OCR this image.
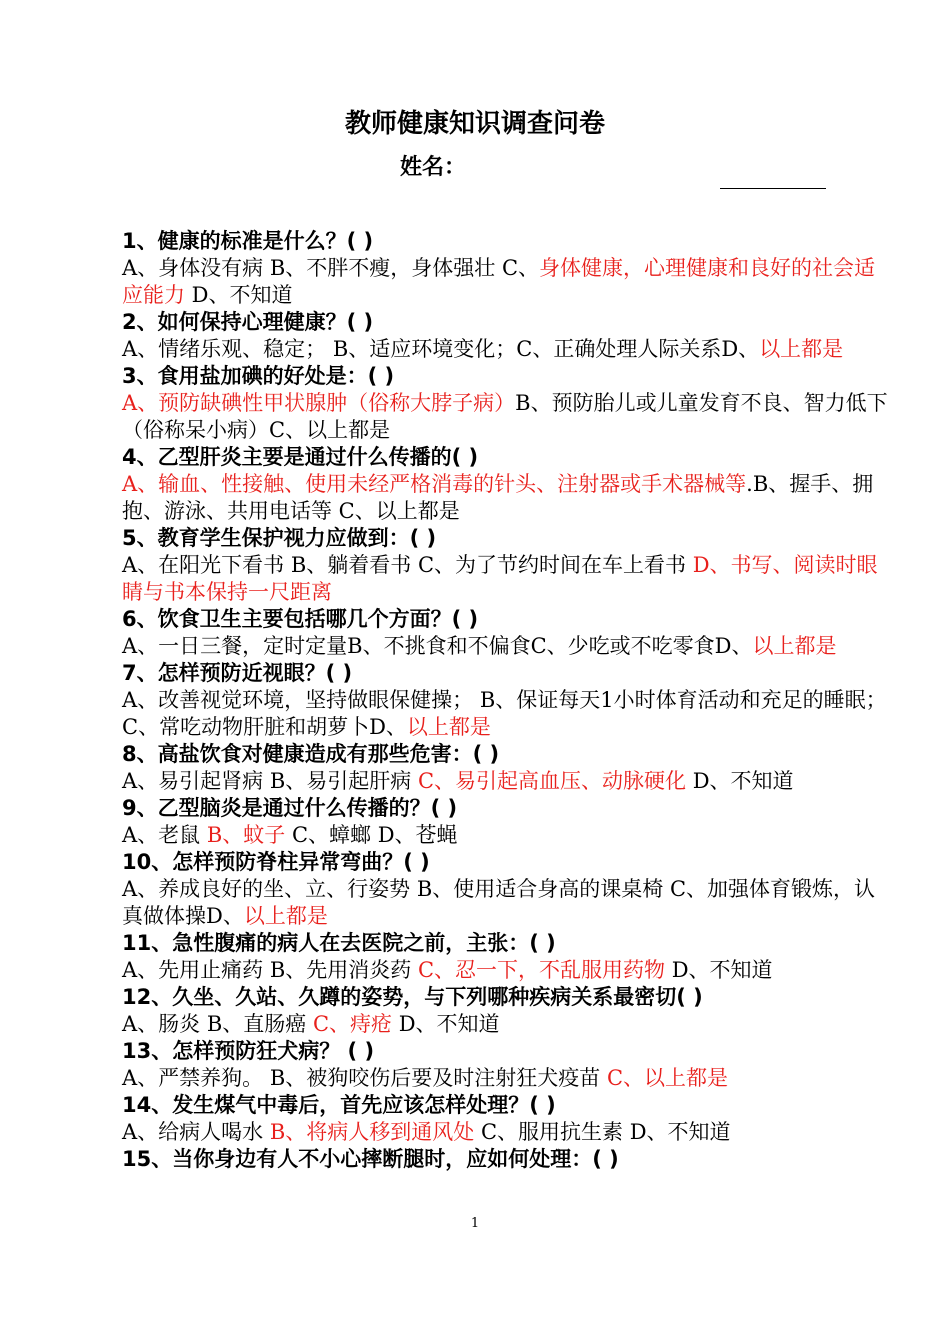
教师健康知识调查问卷
姓名：
1、健康的标准是什么？( )
A、身体没有病 B、不胖不瘦，身体强壮 C、身体健康，心理健康和良好的社会适应能力 D、不知道
2、如何保持心理健康？( )
A、情绪乐观、稳定； B、适应环境变化；C、正确处理人际关系D、以上都是
3、食用盐加碘的好处是：( )
A、预防缺碘性甲状腺肿（俗称大脖子病）B、预防胎儿或儿童发育不良、智力低下（俗称呆小病）C、以上都是
4、乙型肝炎主要是通过什么传播的( )
A、输血、性接触、使用未经严格消毒的针头、注射器或手术器械等.B、握手、拥抱、游泳、共用电话等 C、以上都是
5、教育学生保护视力应做到：( )
A、在阳光下看书 B、躺着看书 C、为了节约时间在车上看书 D、书写、阅读时眼睛与书本保持一尺距离
6、饮食卫生主要包括哪几个方面？( )
A、一日三餐，定时定量B、不挑食和不偏食C、少吃或不吃零食D、以上都是
7、怎样预防近视眼？( )
A、改善视觉环境，坚持做眼保健操； B、保证每天1小时体育活动和充足的睡眠； C、常吃动物肝脏和胡萝卜D、以上都是
8、高盐饮食对健康造成有那些危害：( )
A、易引起肾病 B、易引起肝病 C、易引起高血压、动脉硬化 D、不知道
9、乙型脑炎是通过什么传播的？( )
A、老鼠 B、蚊子 C、蟑螂 D、苍蝇
10、怎样预防脊柱异常弯曲？( )
A、养成良好的坐、立、行姿势 B、使用适合身高的课桌椅 C、加强体育锻炼，认真做体操D、以上都是
11、急性腹痛的病人在去医院之前，主张：( )
A、先用止痛药 B、先用消炎药 C、忍一下，不乱服用药物 D、不知道
12、久坐、久站、久蹲的姿势，与下列哪种疾病关系最密切( )
A、肠炎 B、直肠癌 C、痔疮 D、不知道
13、怎样预防狂犬病？ ( )
A、严禁养狗。 B、被狗咬伤后要及时注射狂犬疫苗 C、以上都是
14、发生煤气中毒后，首先应该怎样处理？( )
A、给病人喝水 B、将病人移到通风处 C、服用抗生素 D、不知道
15、当你身边有人不小心摔断腿时，应如何处理：( )
1
